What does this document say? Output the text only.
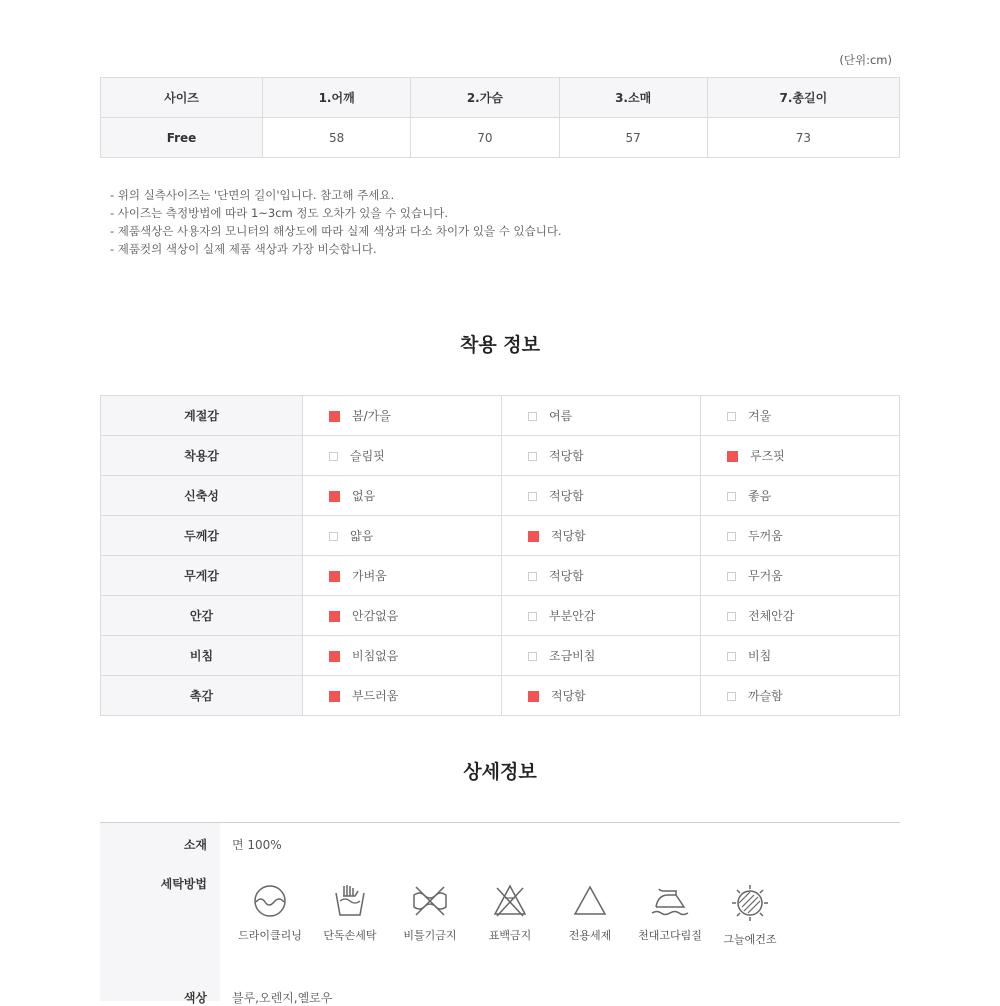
(단위:cm)
사이즈	1.어깨	2.가슴	3.소매	7.총길이
Free	58	70	57	73
- 위의 실측사이즈는 '단면의 길이'입니다. 참고해 주세요.
- 사이즈는 측정방법에 따라 1~3cm 정도 오차가 있을 수 있습니다.
- 제품색상은 사용자의 모니터의 해상도에 따라 실제 색상과 다소 차이가 있을 수 있습니다.
- 제품컷의 색상이 실제 제품 색상과 가장 비슷합니다.
착용 정보
계절감	봄/가을	여름	겨울
착용감	슬림핏	적당함	루즈핏
신축성	없음	적당함	좋음
두께감	얇음	적당함	두꺼움
무게감	가벼움	적당함	무거움
안감	안감없음	부분안감	전체안감
비침	비침없음	조금비침	비침
촉감	부드러움	적당함	까슬함
상세정보
소재 면 100%
세탁방법
드라이클리닝	단독손세탁	비틀기금지	표백금지	전용세제	천대고다림질	그늘에건조
색상 블루,오렌지,옐로우
